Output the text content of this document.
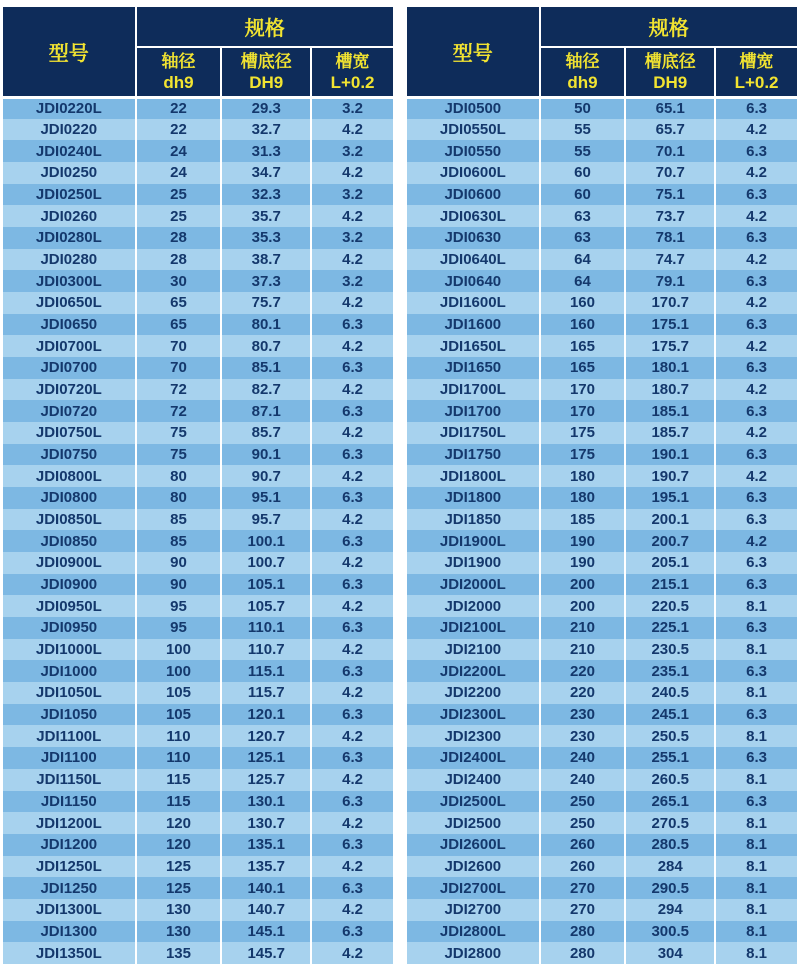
型号	规格		

轴径
dh9

槽底径
DH9

槽宽
L+0.2

JDI0220L	22	29.3	3.2
JDI0220	22	32.7	4.2
JDI0240L	24	31.3	3.2
JDI0250	24	34.7	4.2
JDI0250L	25	32.3	3.2
JDI0260	25	35.7	4.2
JDI0280L	28	35.3	3.2
JDI0280	28	38.7	4.2
JDI0300L	30	37.3	3.2
JDI0650L	65	75.7	4.2
JDI0650	65	80.1	6.3
JDI0700L	70	80.7	4.2
JDI0700	70	85.1	6.3
JDI0720L	72	82.7	4.2
JDI0720	72	87.1	6.3
JDI0750L	75	85.7	4.2
JDI0750	75	90.1	6.3
JDI0800L	80	90.7	4.2
JDI0800	80	95.1	6.3
JDI0850L	85	95.7	4.2
JDI0850	85	100.1	6.3
JDI0900L	90	100.7	4.2
JDI0900	90	105.1	6.3
JDI0950L	95	105.7	4.2
JDI0950	95	110.1	6.3
JDI1000L	100	110.7	4.2
JDI1000	100	115.1	6.3
JDI1050L	105	115.7	4.2
JDI1050	105	120.1	6.3
JDI1100L	110	120.7	4.2
JDI1100	110	125.1	6.3
JDI1150L	115	125.7	4.2
JDI1150	115	130.1	6.3
JDI1200L	120	130.7	4.2
JDI1200	120	135.1	6.3
JDI1250L	125	135.7	4.2
JDI1250	125	140.1	6.3
JDI1300L	130	140.7	4.2
JDI1300	130	145.1	6.3
JDI1350L	135	145.7	4.2
型号	规格		

轴径
dh9

槽底径
DH9

槽宽
L+0.2

JDI0500	50	65.1	6.3
JDI0550L	55	65.7	4.2
JDI0550	55	70.1	6.3
JDI0600L	60	70.7	4.2
JDI0600	60	75.1	6.3
JDI0630L	63	73.7	4.2
JDI0630	63	78.1	6.3
JDI0640L	64	74.7	4.2
JDI0640	64	79.1	6.3
JDI1600L	160	170.7	4.2
JDI1600	160	175.1	6.3
JDI1650L	165	175.7	4.2
JDI1650	165	180.1	6.3
JDI1700L	170	180.7	4.2
JDI1700	170	185.1	6.3
JDI1750L	175	185.7	4.2
JDI1750	175	190.1	6.3
JDI1800L	180	190.7	4.2
JDI1800	180	195.1	6.3
JDI1850	185	200.1	6.3
JDI1900L	190	200.7	4.2
JDI1900	190	205.1	6.3
JDI2000L	200	215.1	6.3
JDI2000	200	220.5	8.1
JDI2100L	210	225.1	6.3
JDI2100	210	230.5	8.1
JDI2200L	220	235.1	6.3
JDI2200	220	240.5	8.1
JDI2300L	230	245.1	6.3
JDI2300	230	250.5	8.1
JDI2400L	240	255.1	6.3
JDI2400	240	260.5	8.1
JDI2500L	250	265.1	6.3
JDI2500	250	270.5	8.1
JDI2600L	260	280.5	8.1
JDI2600	260	284	8.1
JDI2700L	270	290.5	8.1
JDI2700	270	294	8.1
JDI2800L	280	300.5	8.1
JDI2800	280	304	8.1
